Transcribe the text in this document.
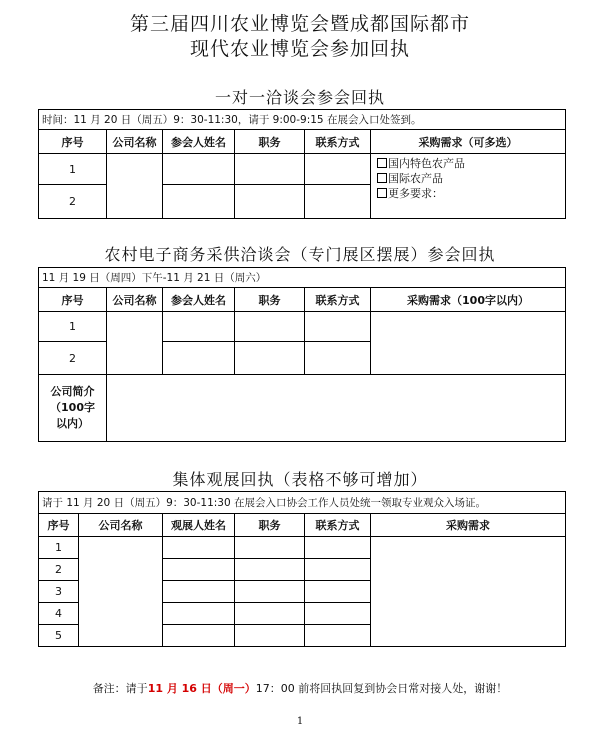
第三届四川农业博览会暨成都国际都市
现代农业博览会参加回执
一对一洽谈会参会回执
时间：11 月 20 日（周五）9：30-11:30，请于 9:00-9:15 在展会入口处签到。					
序号	公司名称	参会人姓名	职务	联系方式	采购需求（可多选）
1					国内特色农产品
国际农产品
更多要求：

2					
农村电子商务采供洽谈会（专门展区摆展）参会回执
11 月 19 日（周四）下午-11 月 21 日（周六）					
序号	公司名称	参会人姓名	职务	联系方式	采购需求（100字以内）
1					
2					
公司简介（100字以内）					
集体观展回执（表格不够可增加）
请于 11 月 20 日（周五）9：30-11:30 在展会入口协会工作人员处统一领取专业观众入场证。					
序号	公司名称	观展人姓名	职务	联系方式	采购需求
1					
2					
3					
4					
5					
备注：请于11 月 16 日（周一）17：00 前将回执回复到协会日常对接人处，谢谢！
1
